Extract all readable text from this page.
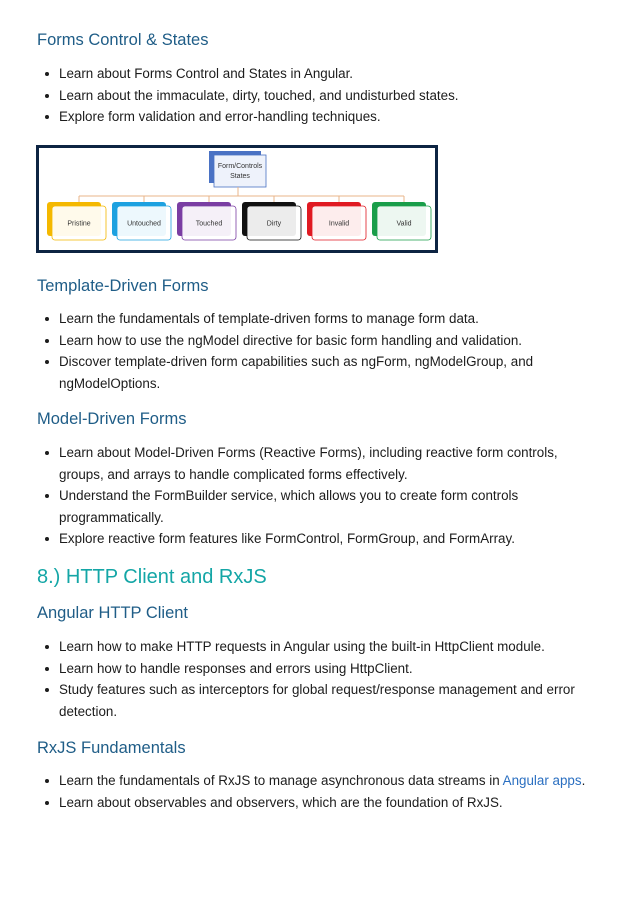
Forms Control & States
Learn about Forms Control and States in Angular.
Learn about the immaculate, dirty, touched, and undisturbed states.
Explore form validation and error-handling techniques.
Form/Controls
States
Pristine	Untouched	Touched	Dirty	Invalid	Valid
Template-Driven Forms
Learn the fundamentals of template-driven forms to manage form data.
Learn how to use the ngModel directive for basic form handling and validation.
Discover template-driven form capabilities such as ngForm, ngModelGroup, and ngModelOptions.
Model-Driven Forms
Learn about Model-Driven Forms (Reactive Forms), including reactive form controls, groups, and arrays to handle complicated forms effectively.
Understand the FormBuilder service, which allows you to create form controls programmatically.
Explore reactive form features like FormControl, FormGroup, and FormArray.
8.) HTTP Client and RxJS
Angular HTTP Client
Learn how to make HTTP requests in Angular using the built-in HttpClient module.
Learn how to handle responses and errors using HttpClient.
Study features such as interceptors for global request/response management and error detection.
RxJS Fundamentals
Learn the fundamentals of RxJS to manage asynchronous data streams in Angular apps.
Learn about observables and observers, which are the foundation of RxJS.
